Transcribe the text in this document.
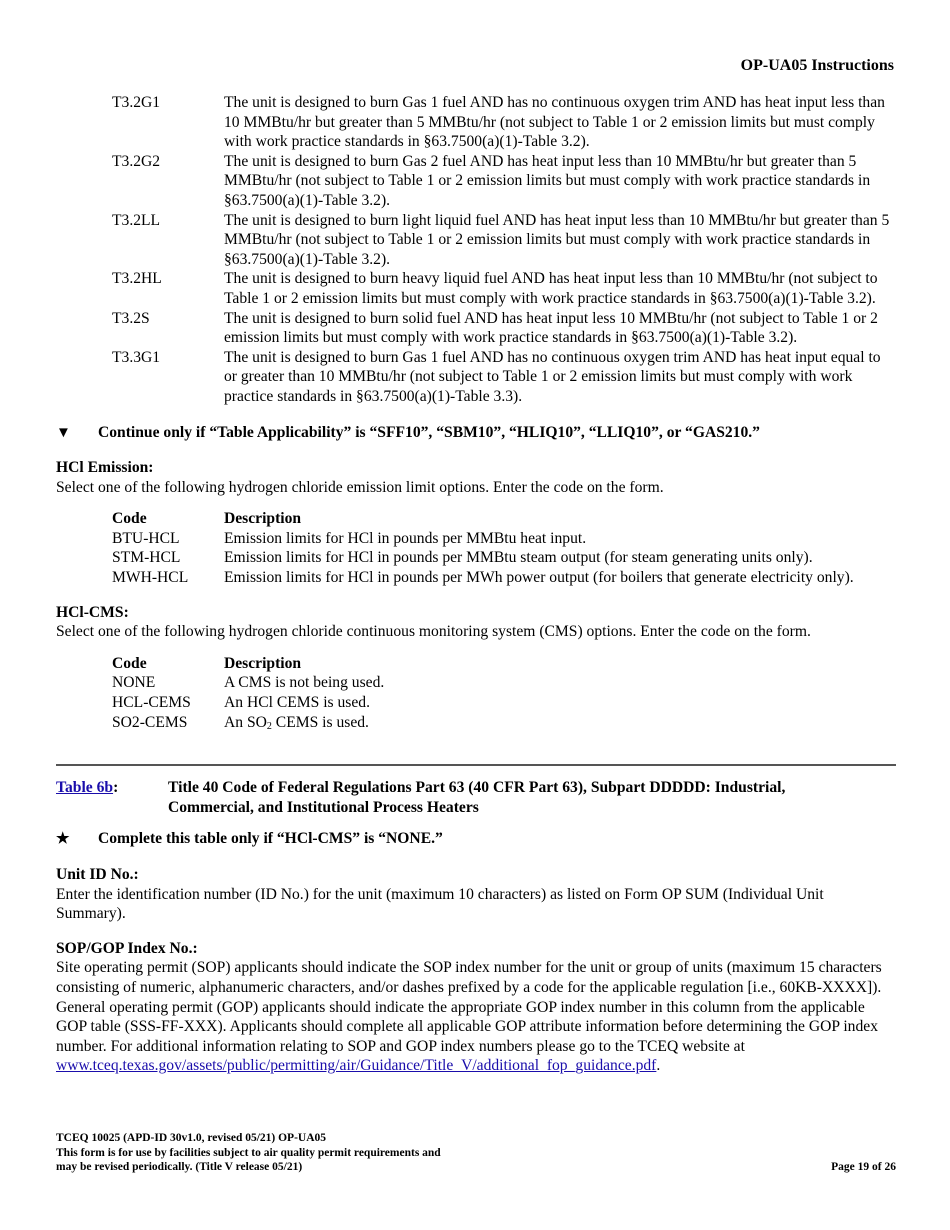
OP-UA05 Instructions
T3.2G1	The unit is designed to burn Gas 1 fuel AND has no continuous oxygen trim AND has heat input less than 10 MMBtu/hr but greater than 5 MMBtu/hr (not subject to Table 1 or 2 emission limits but must comply with work practice standards in §63.7500(a)(1)-Table 3.2).
T3.2G2	The unit is designed to burn Gas 2 fuel AND has heat input less than 10 MMBtu/hr but greater than 5 MMBtu/hr (not subject to Table 1 or 2 emission limits but must comply with work practice standards in §63.7500(a)(1)-Table 3.2).
T3.2LL	The unit is designed to burn light liquid fuel AND has heat input less than 10 MMBtu/hr but greater than 5 MMBtu/hr (not subject to Table 1 or 2 emission limits but must comply with work practice standards in §63.7500(a)(1)-Table 3.2).
T3.2HL	The unit is designed to burn heavy liquid fuel AND has heat input less than 10 MMBtu/hr (not subject to Table 1 or 2 emission limits but must comply with work practice standards in §63.7500(a)(1)-Table 3.2).
T3.2S	The unit is designed to burn solid fuel AND has heat input less 10 MMBtu/hr (not subject to Table 1 or 2 emission limits but must comply with work practice standards in §63.7500(a)(1)-Table 3.2).
T3.3G1	The unit is designed to burn Gas 1 fuel AND has no continuous oxygen trim AND has heat input equal to or greater than 10 MMBtu/hr (not subject to Table 1 or 2 emission limits but must comply with work practice standards in §63.7500(a)(1)-Table 3.3).
▼	Continue only if “Table Applicability” is “SFF10”, “SBM10”, “HLIQ10”, “LLIQ10”, or “GAS210.”
HCl Emission:
Select one of the following hydrogen chloride emission limit options. Enter the code on the form.
Code	Description
BTU-HCL	Emission limits for HCl in pounds per MMBtu heat input.
STM-HCL	Emission limits for HCl in pounds per MMBtu steam output (for steam generating units only).
MWH-HCL	Emission limits for HCl in pounds per MWh power output (for boilers that generate electricity only).
HCl-CMS:
Select one of the following hydrogen chloride continuous monitoring system (CMS) options. Enter the code on the form.
Code	Description
NONE	A CMS is not being used.
HCL-CEMS	An HCl CEMS is used.
SO2-CEMS	An $SO_2$ CEMS is used.
Table 6b:	Title 40 Code of Federal Regulations Part 63 (40 CFR Part 63), Subpart DDDDD: Industrial, Commercial, and Institutional Process Heaters
★	Complete this table only if “HCl-CMS” is “NONE.”
Unit ID No.:
Enter the identification number (ID No.) for the unit (maximum 10 characters) as listed on Form OP SUM (Individual Unit Summary).
SOP/GOP Index No.:
Site operating permit (SOP) applicants should indicate the SOP index number for the unit or group of units (maximum 15 characters consisting of numeric, alphanumeric characters, and/or dashes prefixed by a code for the applicable regulation [i.e., 60KB-XXXX]). General operating permit (GOP) applicants should indicate the appropriate GOP index number in this column from the applicable GOP table (SSS-FF-XXX). Applicants should complete all applicable GOP attribute information before determining the GOP index number. For additional information relating to SOP and GOP index numbers please go to the TCEQ website at
www.tceq.texas.gov/assets/public/permitting/air/Guidance/Title_V/additional_fop_guidance.pdf.
TCEQ 10025 (APD-ID 30v1.0, revised 05/21) OP-UA05
This form is for use by facilities subject to air quality permit requirements and
may be revised periodically. (Title V release 05/21)	Page 19 of 26
